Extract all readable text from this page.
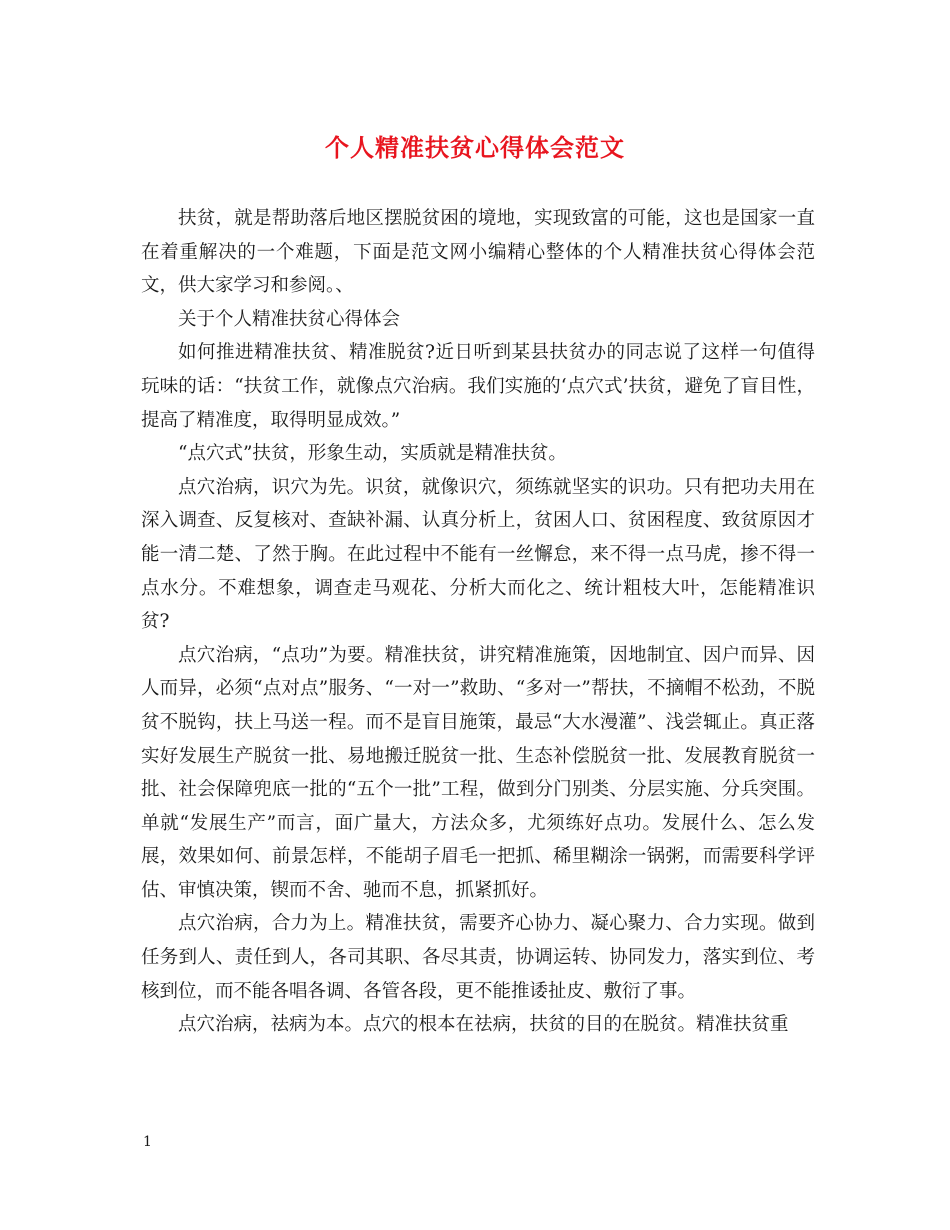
个人精准扶贫心得体会范文

扶贫，就是帮助落后地区摆脱贫困的境地，实现致富的可能，这也是国家一直在着重解决的一个难题，下面是范文网小编精心整体的个人精准扶贫心得体会范文，供大家学习和参阅。、

关于个人精准扶贫心得体会

如何推进精准扶贫、精准脱贫?近日听到某县扶贫办的同志说了这样一句值得玩味的话：“扶贫工作，就像点穴治病。我们实施的‘点穴式’扶贫，避免了盲目性，提高了精准度，取得明显成效。”

“点穴式”扶贫，形象生动，实质就是精准扶贫。

点穴治病，识穴为先。识贫，就像识穴，须练就坚实的识功。只有把功夫用在深入调查、反复核对、查缺补漏、认真分析上，贫困人口、贫困程度、致贫原因才能一清二楚、了然于胸。在此过程中不能有一丝懈怠，来不得一点马虎，掺不得一点水分。不难想象，调查走马观花、分析大而化之、统计粗枝大叶，怎能精准识贫?

点穴治病，“点功”为要。精准扶贫，讲究精准施策，因地制宜、因户而异、因人而异，必须“点对点”服务、“一对一”救助、“多对一”帮扶，不摘帽不松劲，不脱贫不脱钩，扶上马送一程。而不是盲目施策，最忌“大水漫灌”、浅尝辄止。真正落实好发展生产脱贫一批、易地搬迁脱贫一批、生态补偿脱贫一批、发展教育脱贫一批、社会保障兜底一批的“五个一批”工程，做到分门别类、分层实施、分兵突围。单就“发展生产”而言，面广量大，方法众多，尤须练好点功。发展什么、怎么发展，效果如何、前景怎样，不能胡子眉毛一把抓、稀里糊涂一锅粥，而需要科学评估、审慎决策，锲而不舍、驰而不息，抓紧抓好。

点穴治病，合力为上。精准扶贫，需要齐心协力、凝心聚力、合力实现。做到任务到人、责任到人，各司其职、各尽其责，协调运转、协同发力，落实到位、考核到位，而不能各唱各调、各管各段，更不能推诿扯皮、敷衍了事。

点穴治病，祛病为本。点穴的根本在祛病，扶贫的目的在脱贫。精准扶贫重

1
